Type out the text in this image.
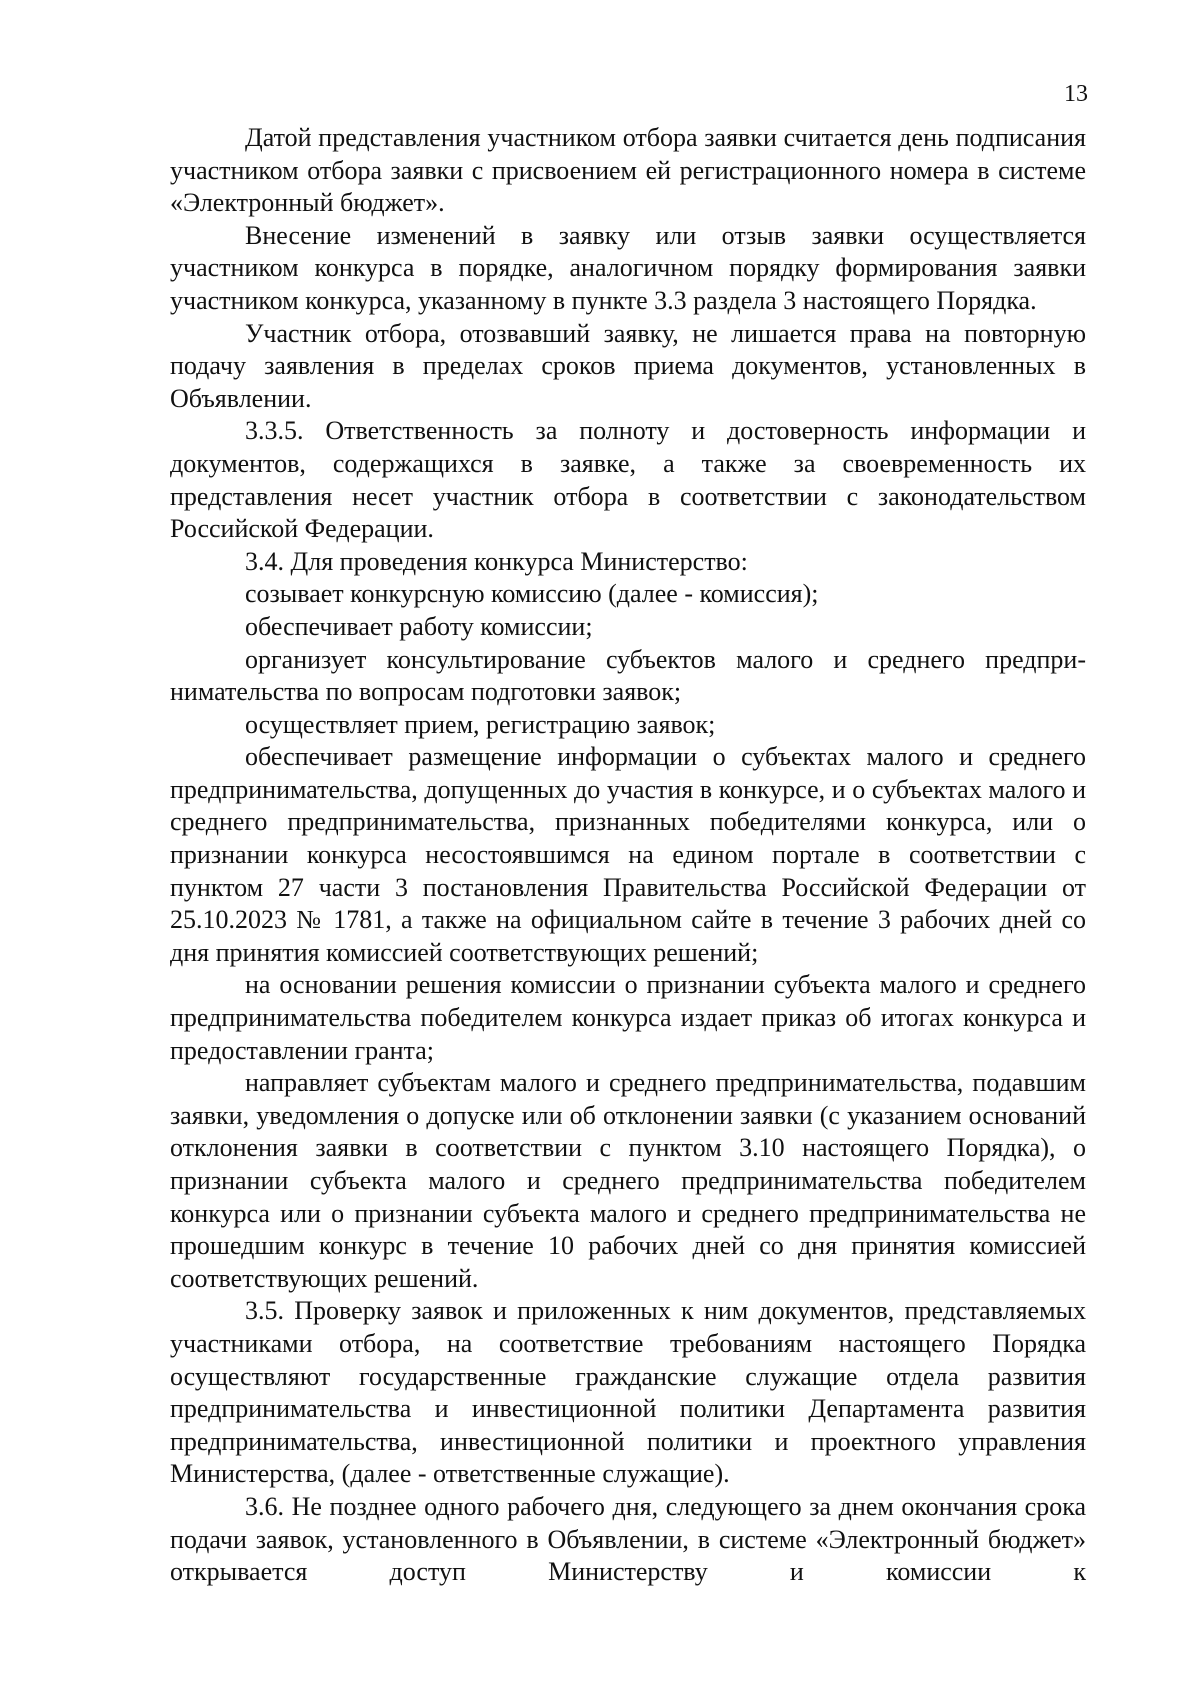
13

Датой представления участником отбора заявки считается день подписания участником отбора заявки с присвоением ей регистрационного номера в системе «Электронный бюджет».

Внесение изменений в заявку или отзыв заявки осуществляется участником конкурса в порядке, аналогичном порядку формирования заявки участником конкурса, указанному в пункте 3.3 раздела 3 настоящего Порядка.

Участник отбора, отозвавший заявку, не лишается права на повторную подачу заявления в пределах сроков приема документов, установленных в Объявлении.

3.3.5. Ответственность за полноту и достоверность информации и документов, содержащихся в заявке, а также за своевременность их представления несет участник отбора в соответствии с законодательством Российской Федерации.

3.4. Для проведения конкурса Министерство:

созывает конкурсную комиссию (далее - комиссия);

обеспечивает работу комиссии;

организует консультирование субъектов малого и среднего предпринимательства по вопросам подготовки заявок;

осуществляет прием, регистрацию заявок;

обеспечивает размещение информации о субъектах малого и среднего предпринимательства, допущенных до участия в конкурсе, и о субъектах малого и среднего предпринимательства, признанных победителями конкурса, или о признании конкурса несостоявшимся на едином портале в соответствии с пунктом 27 части 3 постановления Правительства Российской Федерации от 25.10.2023 № 1781, а также на официальном сайте в течение 3 рабочих дней со дня принятия комиссией соответствующих решений;

на основании решения комиссии о признании субъекта малого и среднего предпринимательства победителем конкурса издает приказ об итогах конкурса и предоставлении гранта;

направляет субъектам малого и среднего предпринимательства, подавшим заявки, уведомления о допуске или об отклонении заявки (с указанием оснований отклонения заявки в соответствии с пунктом 3.10 настоящего Порядка), о признании субъекта малого и среднего предпринимательства победителем конкурса или о признании субъекта малого и среднего предпринимательства не прошедшим конкурс в течение 10 рабочих дней со дня принятия комиссией соответствующих решений.

3.5. Проверку заявок и приложенных к ним документов, представляемых участниками отбора, на соответствие требованиям настоящего Порядка осуществляют государственные гражданские служащие отдела развития предпринимательства и инвестиционной политики Департамента развития предпринимательства, инвестиционной политики и проектного управления Министерства, (далее - ответственные служащие).

3.6. Не позднее одного рабочего дня, следующего за днем окончания срока подачи заявок, установленного в Объявлении, в системе «Электронный бюджет» открывается доступ Министерству и комиссии к
